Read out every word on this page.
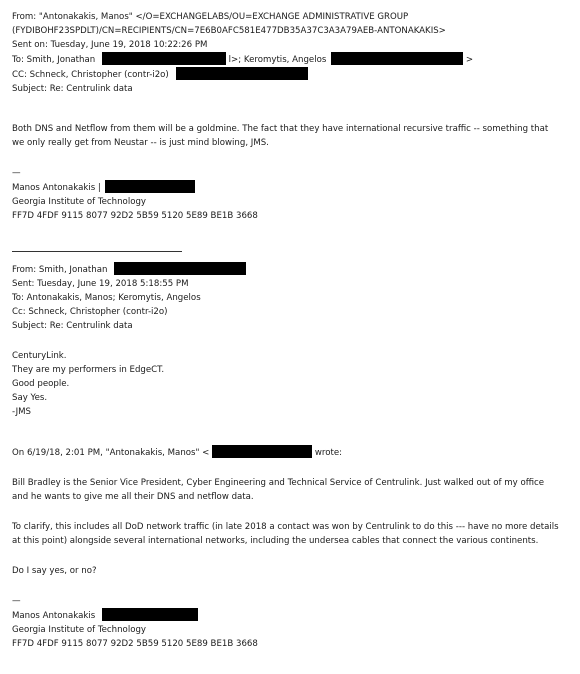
From: "Antonakakis, Manos" </O=EXCHANGELABS/OU=EXCHANGE ADMINISTRATIVE GROUP
(FYDIBOHF23SPDLT)/CN=RECIPIENTS/CN=7E6B0AFC581E477DB35A37C3A3A79AEB-ANTONAKAKIS>
Sent on: Tuesday, June 19, 2018 10:22:26 PM
To: Smith, Jonathan	l>; Keromytis, Angelos	>
CC: Schneck, Christopher (contr-i2o)
Subject: Re: Centrulink data
Both DNS and Netflow from them will be a goldmine. The fact that they have international recursive traffic -- something that we only really get from Neustar -- is just mind blowing, JMS.
—
Manos Antonakakis |
Georgia Institute of Technology
FF7D 4FDF 9115 8077 92D2 5B59 5120 5E89 BE1B 3668
From: Smith, Jonathan
Sent: Tuesday, June 19, 2018 5:18:55 PM
To: Antonakakis, Manos; Keromytis, Angelos
Cc: Schneck, Christopher (contr-i2o)
Subject: Re: Centrulink data
CenturyLink.
They are my performers in EdgeCT.
Good people.
Say Yes.
-JMS
On 6/19/18, 2:01 PM, "Antonakakis, Manos" <	wrote:
Bill Bradley is the Senior Vice President, Cyber Engineering and Technical Service of Centrulink. Just walked out of my office and he wants to give me all their DNS and netflow data.
To clarify, this includes all DoD network traffic (in late 2018 a contact was won by Centrulink to do this --- have no more details at this point) alongside several international networks, including the undersea cables that connect the various continents.
Do I say yes, or no?
—
Manos Antonakakis
Georgia Institute of Technology
FF7D 4FDF 9115 8077 92D2 5B59 5120 5E89 BE1B 3668
